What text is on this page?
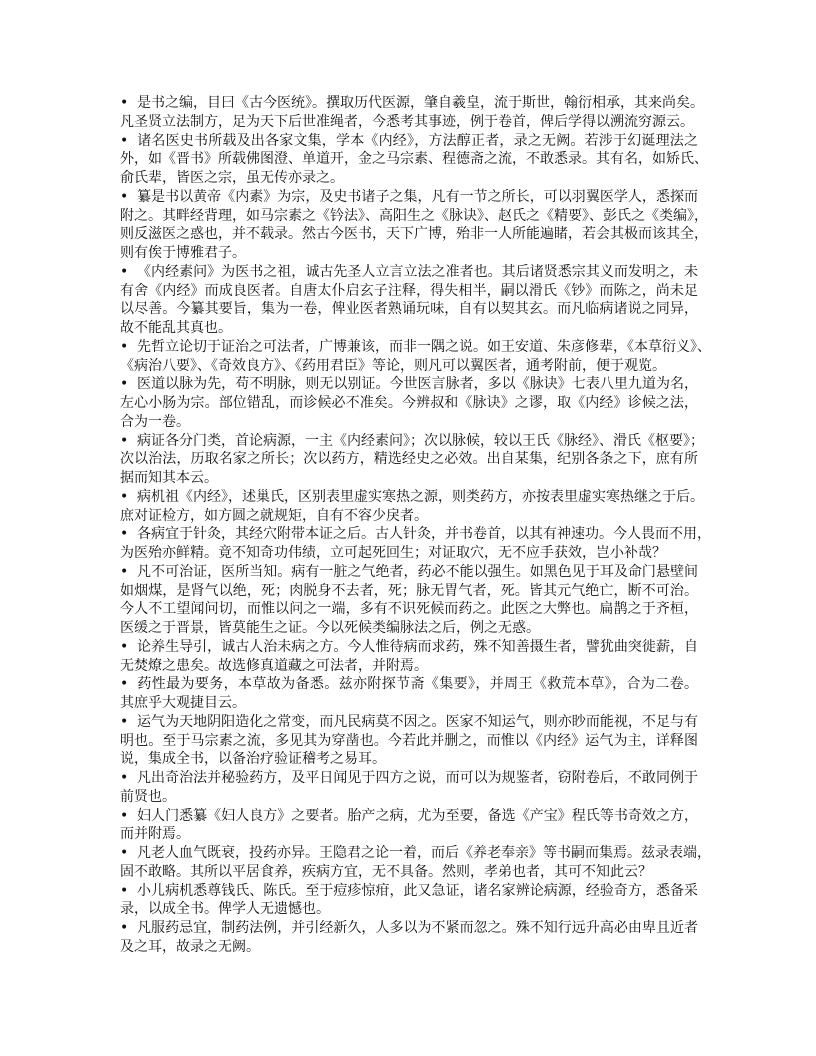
• 是书之编，目曰《古今医统》。撰取历代医源，肇自羲皇，流于斯世，翰衍相承，其来尚矣。
凡圣贤立法制方，足为天下后世准绳者，今悉考其事迹，例于卷首，俾后学得以溯流穷源云。
• 诸名医史书所载及出各家文集，学本《内经》，方法醇正者，录之无阙。若涉于幻诞理法之
外，如《晋书》所载佛图澄、单道开，金之马宗素、程德斋之流，不敢悉录。其有名，如矫氏、
俞氏辈，皆医之宗，虽无传亦录之。
• 纂是书以黄帝《内素》为宗，及史书诸子之集，凡有一节之所长，可以羽翼医学人，悉探而
附之。其畔经背理，如马宗素之《钤法》、高阳生之《脉诀》、赵氏之《精要》、彭氏之《类编》，
则反滋医之惑也，并不载录。然古今医书，天下广博，殆非一人所能遍睹，若会其极而该其全，
则有俟于博雅君子。
• 《内经素问》为医书之祖，诚古先圣人立言立法之准者也。其后诸贤悉宗其义而发明之，未
有舍《内经》而成良医者。自唐太仆启玄子注释，得失相半，嗣以滑氏《钞》而陈之，尚未足
以尽善。今纂其要旨，集为一卷，俾业医者熟诵玩味，自有以契其玄。而凡临病诸说之同异，
故不能乱其真也。
• 先哲立论切于证治之可法者，广博兼该，而非一隅之说。如王安道、朱彦修辈，《本草衍义》、
《病治八要》、《奇效良方》、《药用君臣》等论，则凡可以翼医者，通考附前，便于观览。
• 医道以脉为先，苟不明脉，则无以别证。今世医言脉者，多以《脉诀》七表八里九道为名，
左心小肠为宗。部位错乱，而诊候必不准矣。今辨叔和《脉诀》之谬，取《内经》诊候之法，
合为一卷。
• 病证各分门类，首论病源，一主《内经素问》；次以脉候，较以王氏《脉经》、滑氏《枢要》；
次以治法，历取名家之所长；次以药方，精选经史之必效。出自某集，纪别各条之下，庶有所
据而知其本云。
• 病机祖《内经》，述巢氏，区别表里虚实寒热之源，则类药方，亦按表里虚实寒热继之于后。
庶对证检方，如方圆之就规矩，自有不容少戾者。
• 各病宜于针灸，其经穴附带本证之后。古人针灸，并书卷首，以其有神速功。今人畏而不用，
为医殆亦鲜精。竟不知奇功伟绩，立可起死回生；对证取穴，无不应手获效，岂小补哉？
• 凡不可治证，医所当知。病有一脏之气绝者，药必不能以强生。如黑色见于耳及命门悬壁间
如烟煤，是肾气以绝，死；肉脱身不去者，死；脉无胃气者，死。皆其元气绝亡，断不可治。
今人不工望闻问切，而惟以问之一端，多有不识死候而药之。此医之大弊也。扁鹊之于齐桓，
医缓之于晋景，皆莫能生之证。今以死候类编脉法之后，例之无惑。
• 论养生导引，诚古人治未病之方。今人惟待病而求药，殊不知善摄生者，譬犹曲突徙薪，自
无焚燎之患矣。故选修真道藏之可法者，并附焉。
• 药性最为要务，本草故为备悉。兹亦附探节斋《集要》，并周王《救荒本草》，合为二卷。
其庶乎大观捷目云。
• 运气为天地阴阳造化之常变，而凡民病莫不因之。医家不知运气，则亦眇而能视，不足与有
明也。至于马宗素之流，多见其为穿凿也。今若此并删之，而惟以《内经》运气为主，详释图
说，集成全书，以备治疗验证稽考之易耳。
• 凡出奇治法并秘验药方，及平日闻见于四方之说，而可以为规鉴者，窃附卷后，不敢同例于
前贤也。
• 妇人门悉纂《妇人良方》之要者。胎产之病，尤为至要，备选《产宝》程氏等书奇效之方，
而并附焉。
• 凡老人血气既衰，投药亦异。王隐君之论一着，而后《养老奉亲》等书嗣而集焉。兹录表端，
固不敢略。其所以平居食养，疾病方宜，无不具备。然则，孝弟也者，其可不知此云？
• 小儿病机悉尊钱氏、陈氏。至于痘疹惊疳，此又急证，诸名家辨论病源，经验奇方，悉备采
录，以成全书。俾学人无遗憾也。
• 凡服药忌宜，制药法例，并引经新久，人多以为不紧而忽之。殊不知行远升高必由卑且近者
及之耳，故录之无阙。
